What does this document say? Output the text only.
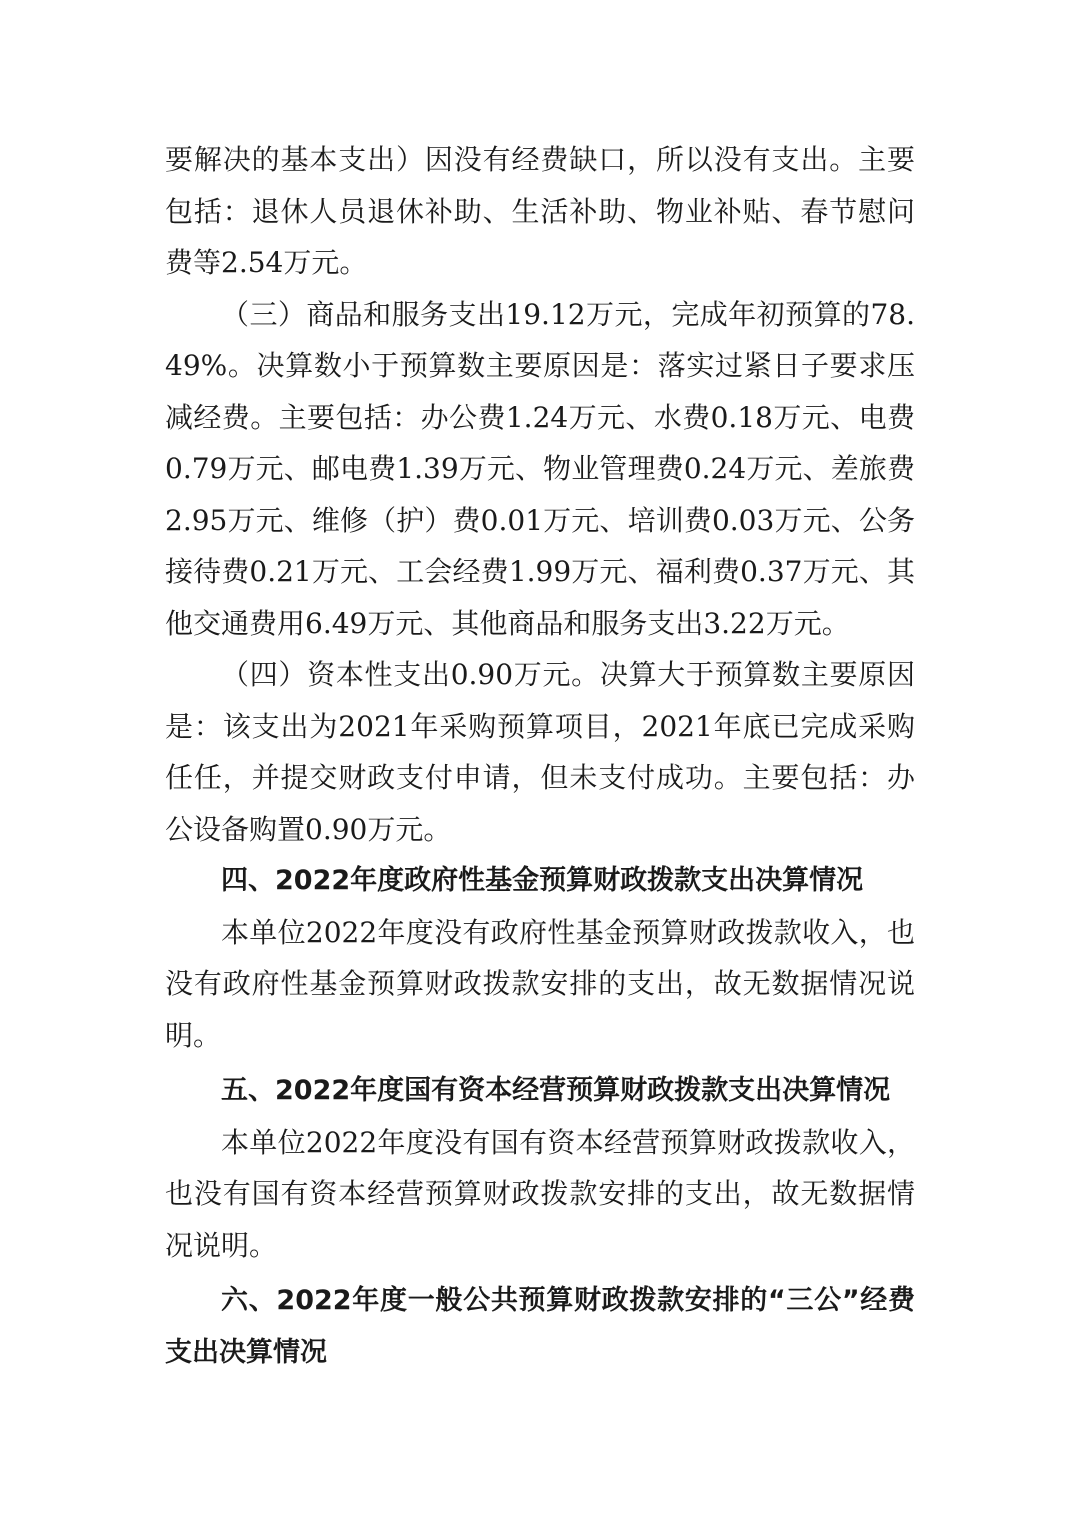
要解决的基本支出）因没有经费缺口，所以没有支出。主要包括：退休人员退休补助、生活补助、物业补贴、春节慰问费等2.54万元。

（三）商品和服务支出19.12万元，完成年初预算的78.49%。决算数小于预算数主要原因是：落实过紧日子要求压减经费。主要包括：办公费1.24万元、水费0.18万元、电费0.79万元、邮电费1.39万元、物业管理费0.24万元、差旅费2.95万元、维修（护）费0.01万元、培训费0.03万元、公务接待费0.21万元、工会经费1.99万元、福利费0.37万元、其他交通费用6.49万元、其他商品和服务支出3.22万元。

（四）资本性支出0.90万元。决算大于预算数主要原因是：该支出为2021年采购预算项目，2021年底已完成采购任任，并提交财政支付申请，但未支付成功。主要包括：办公设备购置0.90万元。

四、2022年度政府性基金预算财政拨款支出决算情况

本单位2022年度没有政府性基金预算财政拨款收入，也没有政府性基金预算财政拨款安排的支出，故无数据情况说明。

五、2022年度国有资本经营预算财政拨款支出决算情况

本单位2022年度没有国有资本经营预算财政拨款收入，也没有国有资本经营预算财政拨款安排的支出，故无数据情况说明。

六、2022年度一般公共预算财政拨款安排的“三公”经费支出决算情况
